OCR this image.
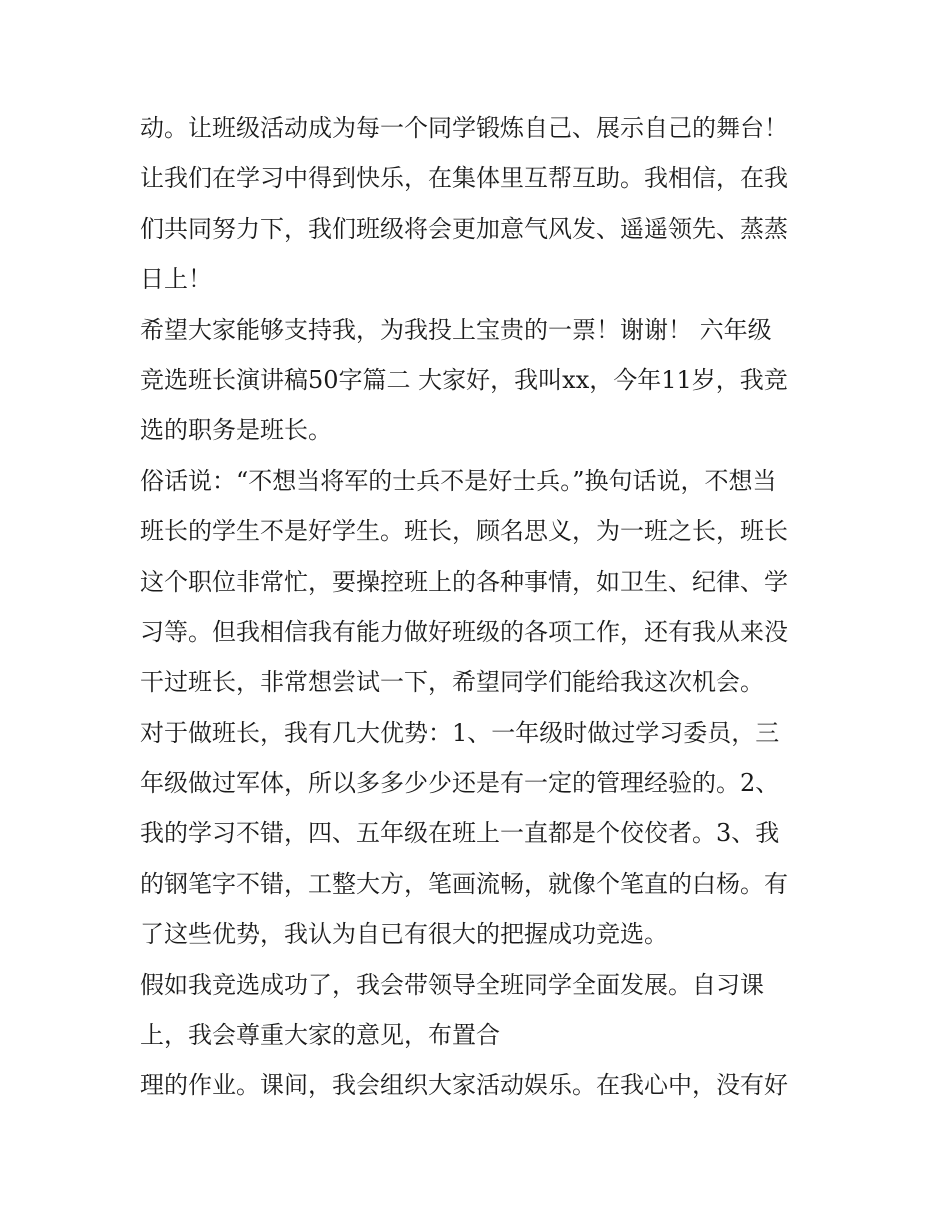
动。让班级活动成为每一个同学锻炼自己、展示自己的舞台！
让我们在学习中得到快乐，在集体里互帮互助。我相信，在我
们共同努力下，我们班级将会更加意气风发、遥遥领先、蒸蒸
日上！
希望大家能够支持我，为我投上宝贵的一票！谢谢！ 六年级
竞选班长演讲稿50字篇二 大家好，我叫xx，今年11岁，我竞
选的职务是班长。
俗话说：“不想当将军的士兵不是好士兵。”换句话说，不想当
班长的学生不是好学生。班长，顾名思义，为一班之长，班长
这个职位非常忙，要操控班上的各种事情，如卫生、纪律、学
习等。但我相信我有能力做好班级的各项工作，还有我从来没
干过班长，非常想尝试一下，希望同学们能给我这次机会。
对于做班长，我有几大优势：1、一年级时做过学习委员，三
年级做过军体，所以多多少少还是有一定的管理经验的。2、
我的学习不错，四、五年级在班上一直都是个佼佼者。3、我
的钢笔字不错，工整大方，笔画流畅，就像个笔直的白杨。有
了这些优势，我认为自已有很大的把握成功竞选。
假如我竞选成功了，我会带领导全班同学全面发展。自习课
上，我会尊重大家的意见，布置合
理的作业。课间，我会组织大家活动娱乐。在我心中，没有好
